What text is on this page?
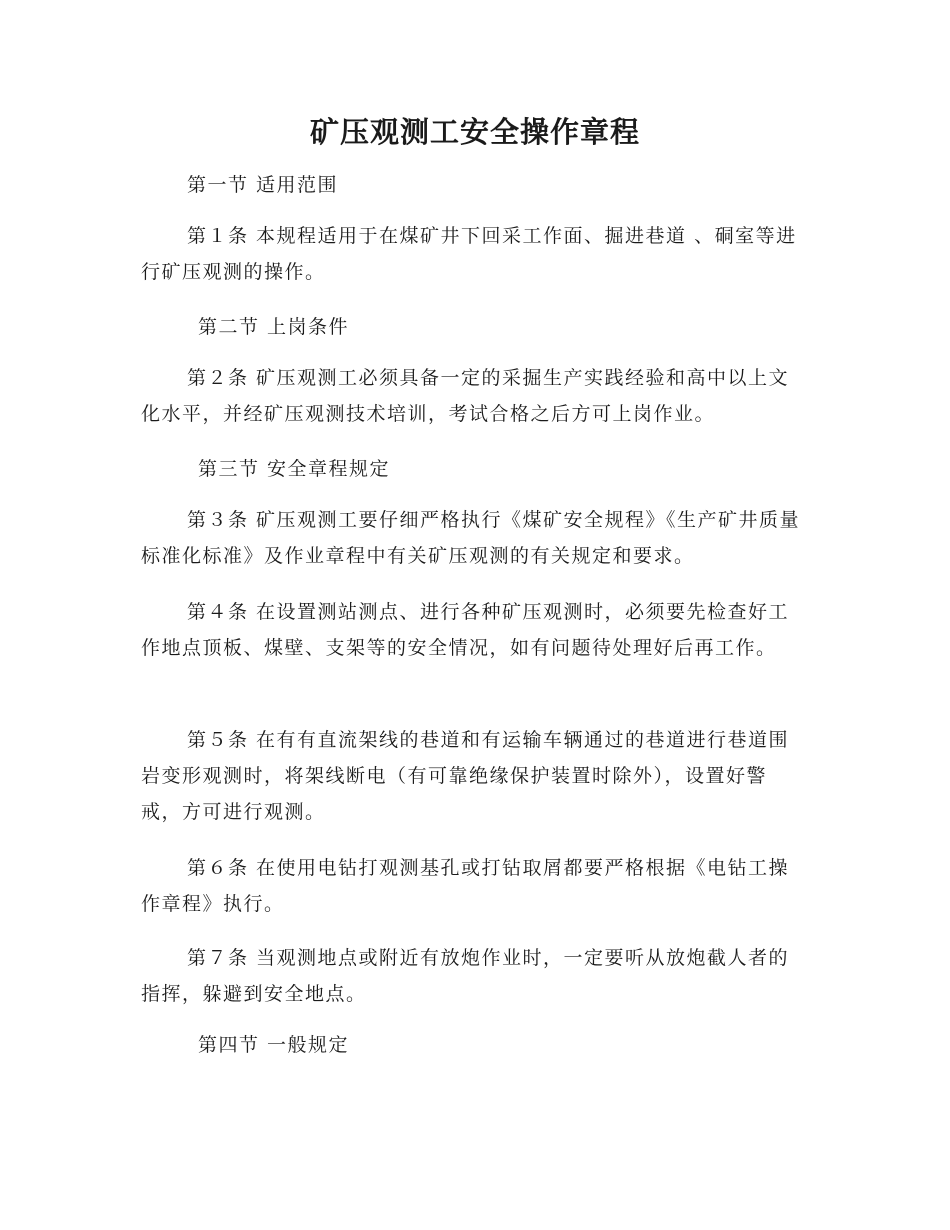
矿压观测工安全操作章程
第一节 适用范围
第１条 本规程适用于在煤矿井下回采工作面、掘进巷道 、硐室等进行矿压观测的操作。
第二节 上岗条件
第２条 矿压观测工必须具备一定的采掘生产实践经验和高中以上文化水平，并经矿压观测技术培训，考试合格之后方可上岗作业。
第三节 安全章程规定
第３条 矿压观测工要仔细严格执行《煤矿安全规程》《生产矿井质量标准化标准》及作业章程中有关矿压观测的有关规定和要求。
第４条 在设置测站测点、进行各种矿压观测时，必须要先检查好工作地点顶板、煤壁、支架等的安全情况，如有问题待处理好后再工作。
第５条 在有有直流架线的巷道和有运输车辆通过的巷道进行巷道围岩变形观测时，将架线断电（有可靠绝缘保护装置时除外），设置好警戒，方可进行观测。
第６条 在使用电钻打观测基孔或打钻取屑都要严格根据《电钻工操作章程》执行。
第７条 当观测地点或附近有放炮作业时，一定要听从放炮截人者的指挥，躲避到安全地点。
第四节 一般规定
